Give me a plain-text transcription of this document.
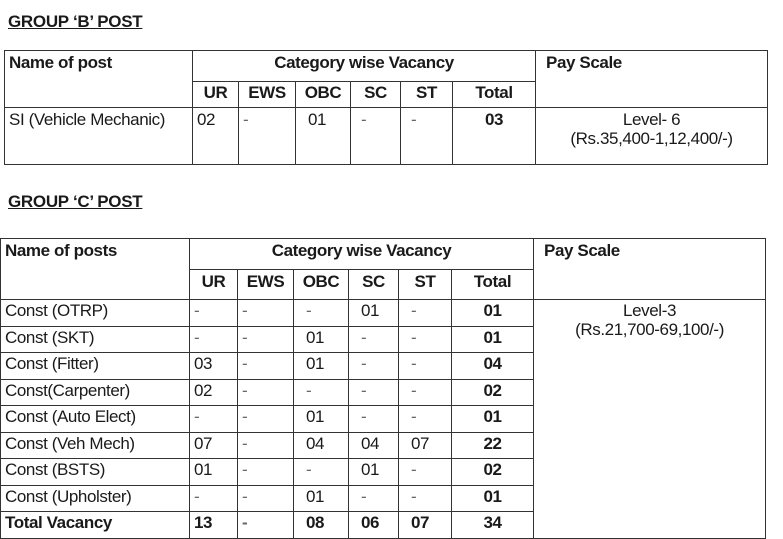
GROUP ‘B’ POST
Name of post	Category wise Vacancy						Pay Scale
	UR	EWS	OBC	SC	ST	Total	
SI (Vehicle Mechanic)	02	-	01	-	-	03	Level- 6
(Rs.35,400-1,12,400/-)
GROUP ‘C’ POST
Name of posts	Category wise Vacancy						Pay Scale
	UR	EWS	OBC	SC	ST	Total	
Const (OTRP)	-	-	-	01	-	01	Level-3
(Rs.21,700-69,100/-)

Const (SKT)	-	-	01	-	-	01	
Const (Fitter)	03	-	01	-	-	04	
Const(Carpenter)	02	-	-	-	-	02	
Const (Auto Elect)	-	-	01	-	-	01	
Const (Veh Mech)	07	-	04	04	07	22	
Const (BSTS)	01	-	-	01	-	02	
Const (Upholster)	-	-	01	-	-	01	
Total Vacancy	13	-	08	06	07	34	
